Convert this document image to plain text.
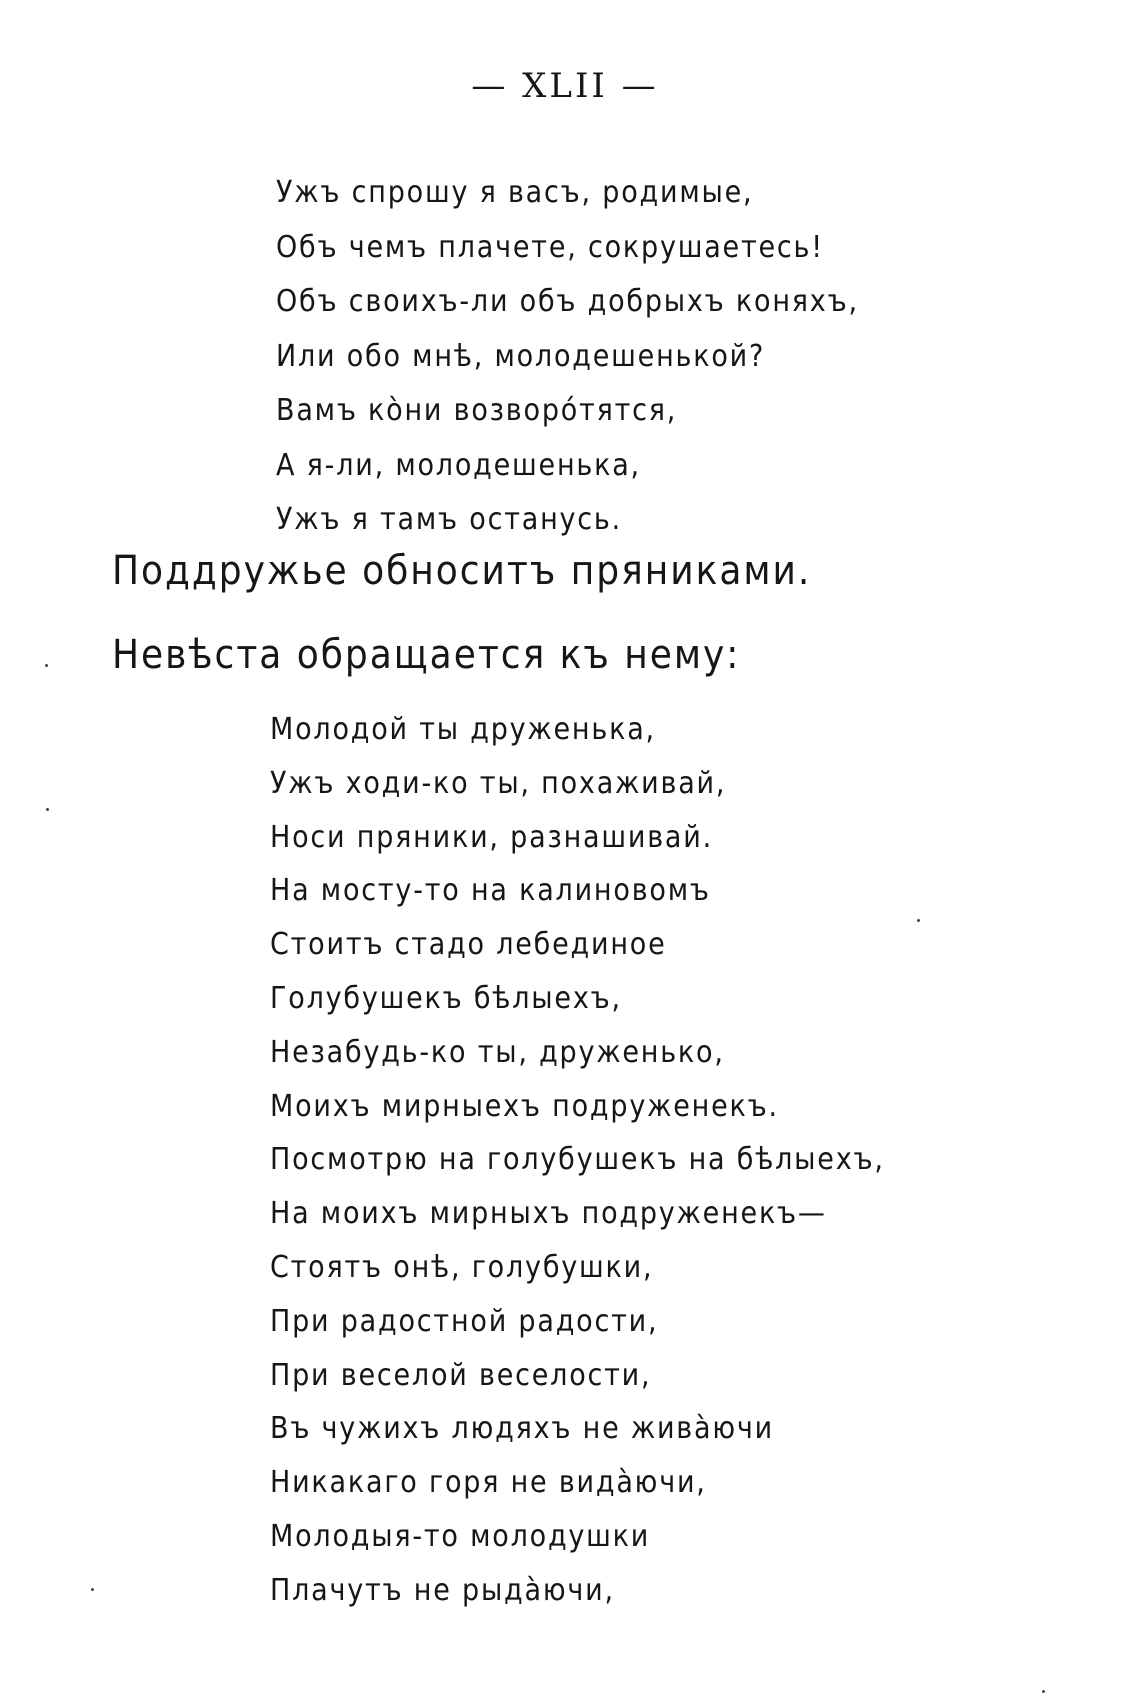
— XLII —
Ужъ спрошу я васъ, родимые,
Объ чемъ плачете, сокрушаетесь!
Объ своихъ-ли объ добрыхъ коняхъ,
Или обо мнѣ, молодешенькой?
Вамъ кòни возворóтятся,
А я-ли, молодешенька,
Ужъ я тамъ останусь.

Поддружье обноситъ пряниками.

Невѣста обращается къ нему:

Молодой ты друженька,
Ужъ ходи-ко ты, похаживай,
Носи пряники, разнашивай.
На мосту-то на калиновомъ
Стоитъ стадо лебединое
Голубушекъ бѣлыехъ,
Незабудь-ко ты, друженько,
Моихъ мирныехъ подруженекъ.
Посмотрю на голубушекъ на бѣлыехъ,
На моихъ мирныхъ подруженекъ—
Стоятъ онѣ, голубушки,
При радостной радости,
При веселой веселости,
Въ чужихъ людяхъ не живàючи
Никакаго горя не видàючи,
Молодыя-то молодушки
Плачутъ не рыдàючи,
